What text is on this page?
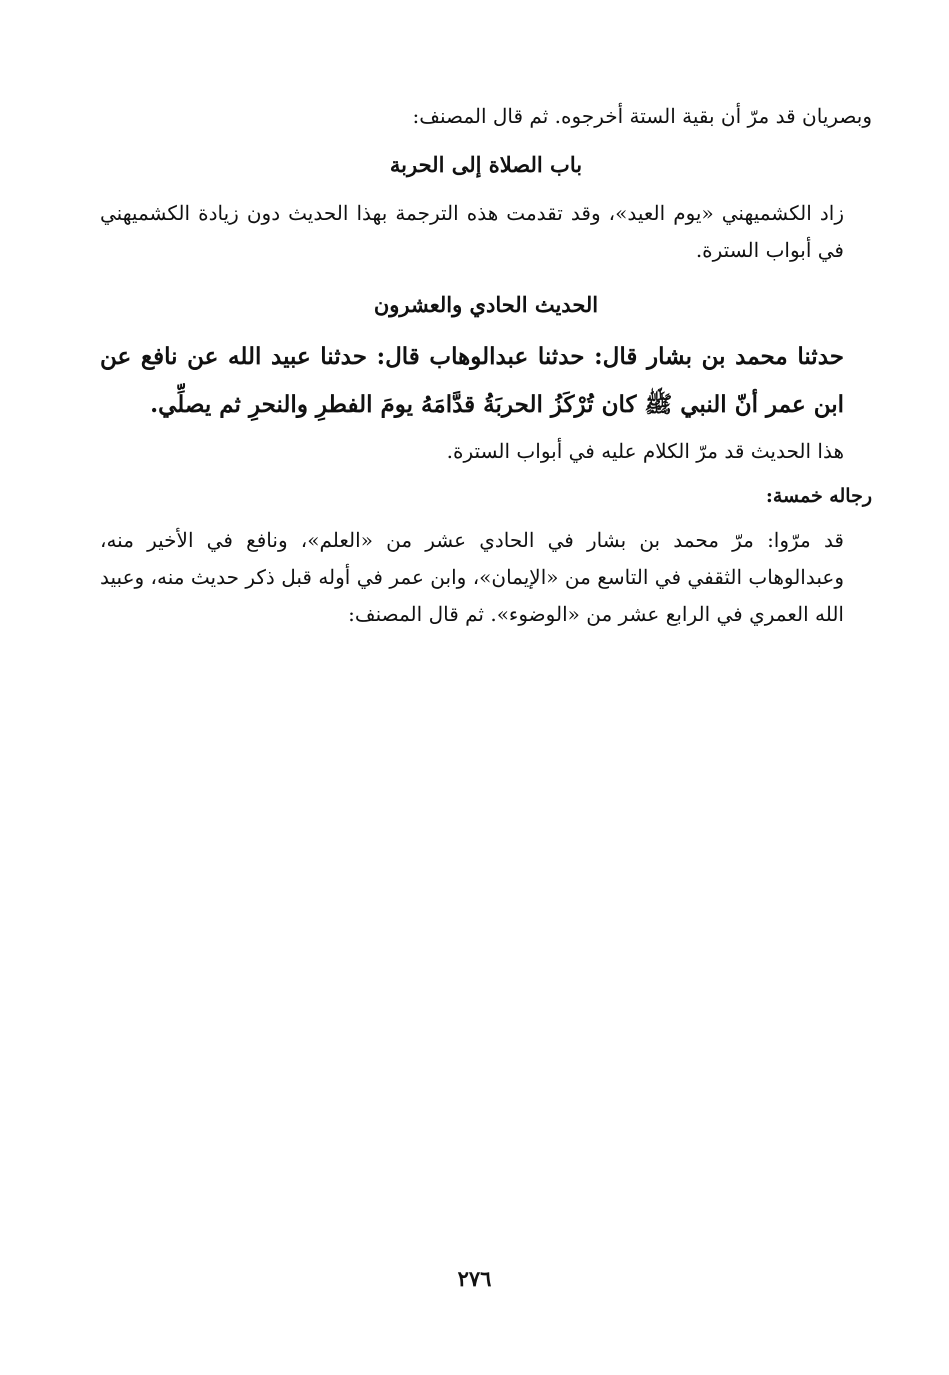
وبصريان قد مرّ أن بقية الستة أخرجوه. ثم قال المصنف:
باب الصلاة إلى الحربة
زاد الكشميهني «يوم العيد»، وقد تقدمت هذه الترجمة بهذا الحديث دون زيادة الكشميهني في أبواب السترة.
الحديث الحادي والعشرون
حدثنا محمد بن بشار قال: حدثنا عبدالوهاب قال: حدثنا عبيد الله عن نافع عن ابن عمر أنّ النبي ﷺ كان تُرْكَزُ الحربَةُ قدَّامَهُ يومَ الفطرِ والنحرِ ثم يصلِّي.
هذا الحديث قد مرّ الكلام عليه في أبواب السترة.
رجاله خمسة:
قد مرّوا: مرّ محمد بن بشار في الحادي عشر من «العلم»، ونافع في الأخير منه، وعبدالوهاب الثقفي في التاسع من «الإيمان»، وابن عمر في أوله قبل ذكر حديث منه، وعبيد الله العمري في الرابع عشر من «الوضوء». ثم قال المصنف:
٢٧٦
